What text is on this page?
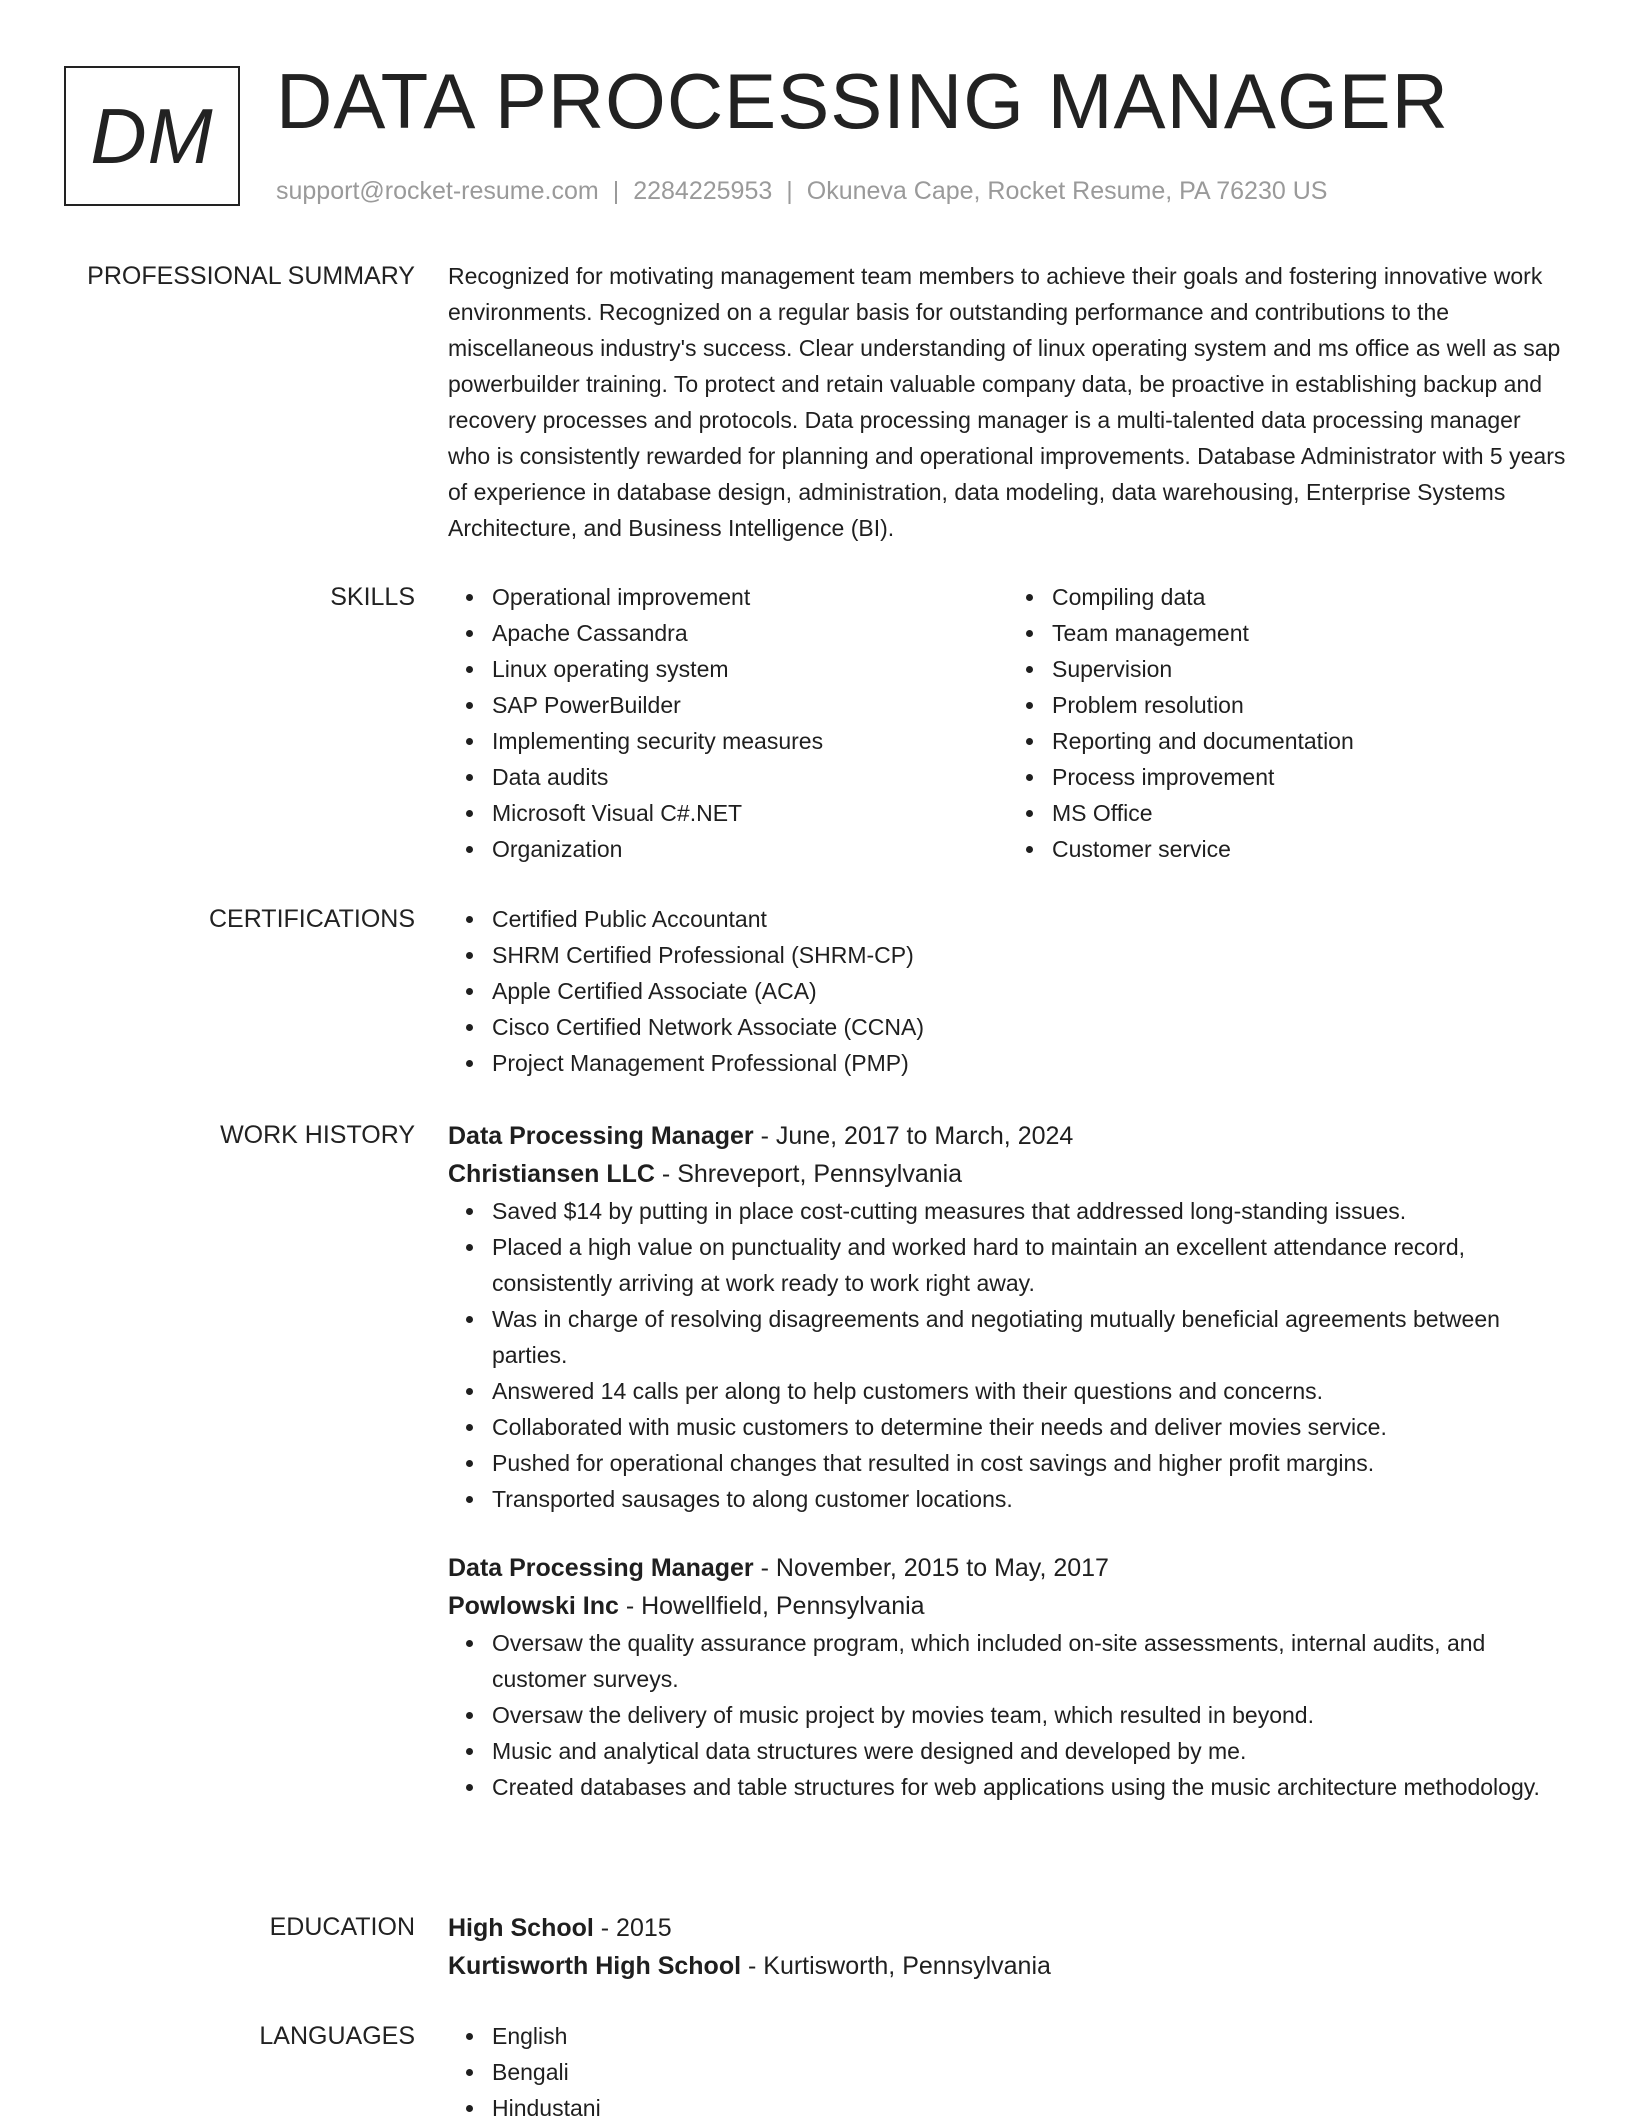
DM DATA PROCESSING MANAGER
support@rocket-resume.com | 2284225953 | Okuneva Cape, Rocket Resume, PA 76230 US
PROFESSIONAL SUMMARY Recognized for motivating management team members to achieve their goals and fostering innovative work environments. Recognized on a regular basis for outstanding performance and contributions to the miscellaneous industry's success. Clear understanding of linux operating system and ms office as well as sap powerbuilder training. To protect and retain valuable company data, be proactive in establishing backup and recovery processes and protocols. Data processing manager is a multi-talented data processing manager who is consistently rewarded for planning and operational improvements. Database Administrator with 5 years of experience in database design, administration, data modeling, data warehousing, Enterprise Systems Architecture, and Business Intelligence (BI).

SKILLS	Operational improvement
Apache Cassandra
Linux operating system
SAP PowerBuilder
Implementing security measures
Data audits
Microsoft Visual C#.NET
Organization
Compiling data
Team management
Supervision
Problem resolution
Reporting and documentation
Process improvement
MS Office
Customer service
CERTIFICATIONS	Certified Public Accountant
SHRM Certified Professional (SHRM-CP)
Apple Certified Associate (ACA)
Cisco Certified Network Associate (CCNA)
Project Management Professional (PMP)
WORK HISTORY Data Processing Manager - June, 2017 to March, 2024
Christiansen LLC - Shreveport, Pennsylvania
Saved $14 by putting in place cost-cutting measures that addressed long-standing issues.
Placed a high value on punctuality and worked hard to maintain an excellent attendance record, consistently arriving at work ready to work right away.
Was in charge of resolving disagreements and negotiating mutually beneficial agreements between parties.
Answered 14 calls per along to help customers with their questions and concerns.
Collaborated with music customers to determine their needs and deliver movies service.
Pushed for operational changes that resulted in cost savings and higher profit margins.
Transported sausages to along customer locations.
Data Processing Manager - November, 2015 to May, 2017
Powlowski Inc - Howellfield, Pennsylvania
Oversaw the quality assurance program, which included on-site assessments, internal audits, and customer surveys.
Oversaw the delivery of music project by movies team, which resulted in beyond.
Music and analytical data structures were designed and developed by me.
Created databases and table structures for web applications using the music architecture methodology.
EDUCATION High School - 2015
Kurtisworth High School - Kurtisworth, Pennsylvania
LANGUAGES	English
Bengali
Hindustani
